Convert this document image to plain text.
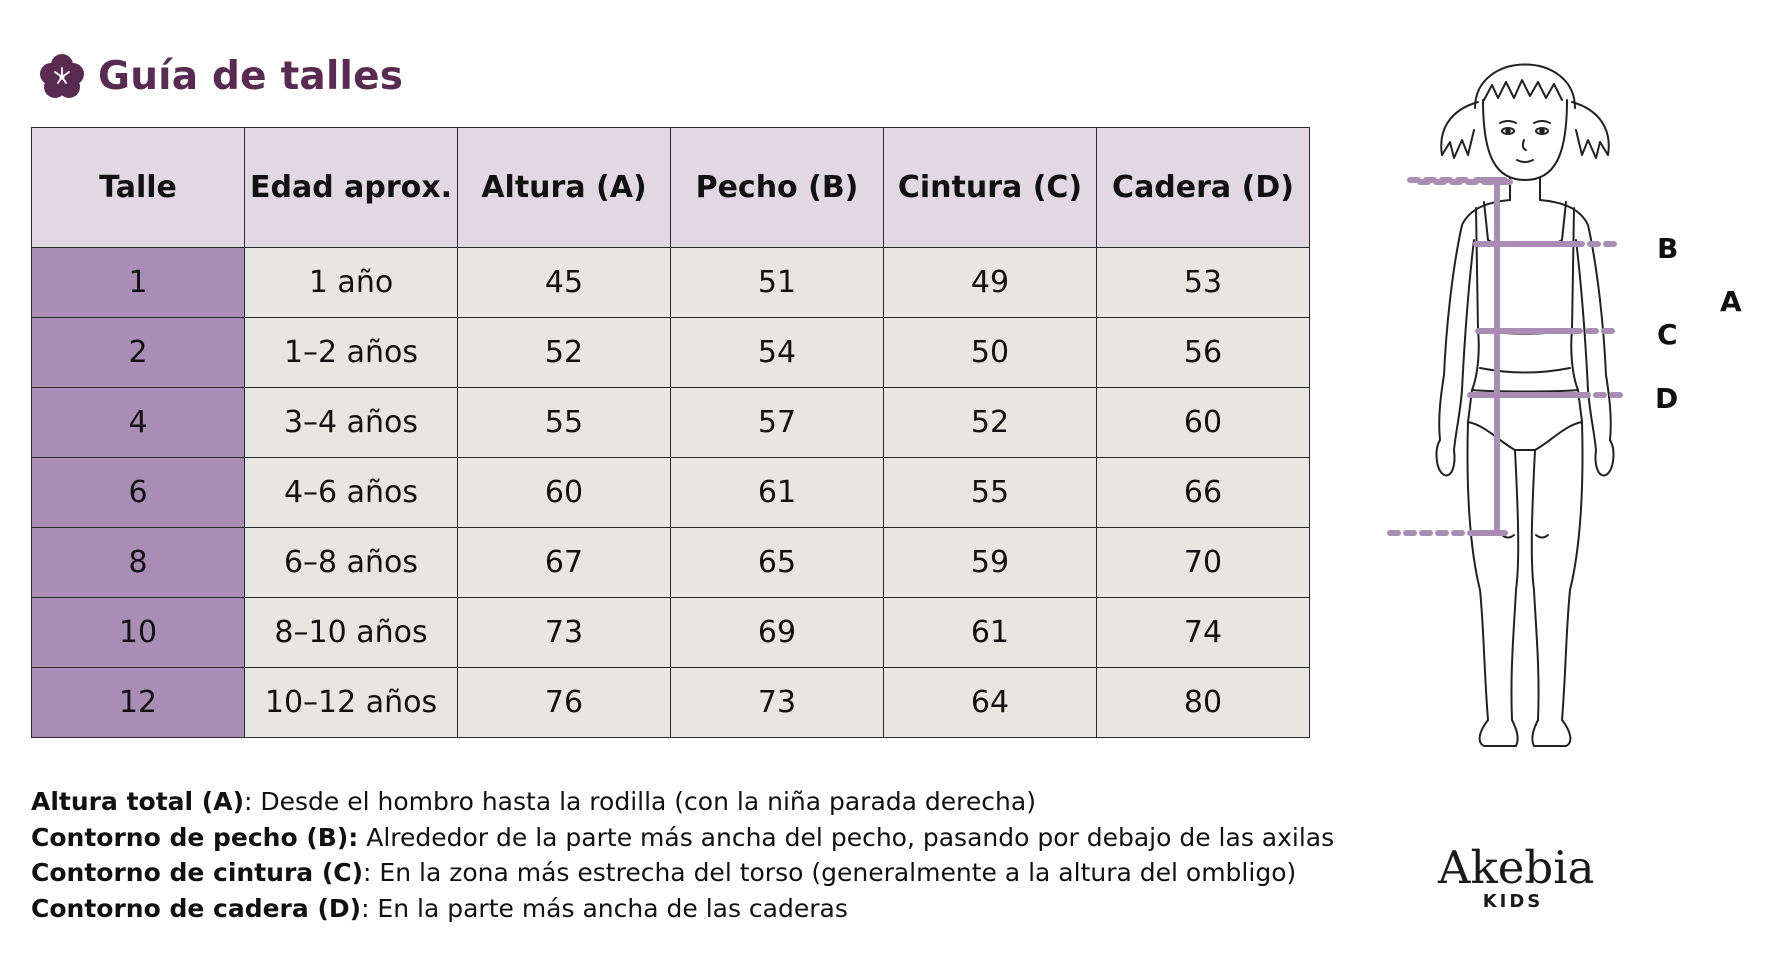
Guía de talles
Talle	Edad aprox.	Altura (A)	Pecho (B)	Cintura (C)	Cadera (D)
1	1 año	45	51	49	53
2	1–2 años	52	54	50	56
4	3–4 años	55	57	52	60
6	4–6 años	60	61	55	66
8	6–8 años	67	65	59	70
10	8–10 años	73	69	61	74
12	10–12 años	76	73	64	80
Altura total (A): Desde el hombro hasta la rodilla (con la niña parada derecha)
Contorno de pecho (B): Alrededor de la parte más ancha del pecho, pasando por debajo de las axilas
Contorno de cintura (C): En la zona más estrecha del torso (generalmente a la altura del ombligo)
Contorno de cadera (D): En la parte más ancha de las caderas
B
C
D
A
Akebia
KIDS
